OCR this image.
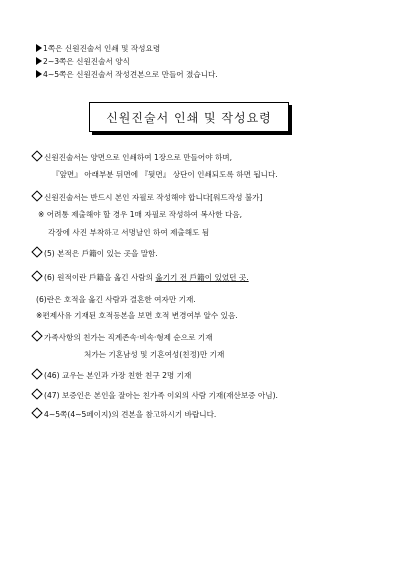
1쪽은 신원진술서 인쇄 및 작성요령
2~3쪽은 신원진술서 양식
4~5쪽은 신원진술서 작성견본으로 만들어 졌습니다.
신원진술서 인쇄 및 작성요령
신원진술서는 양면으로 인쇄하여 1장으로 만들어야 하며,
『앞면』 아래부분 뒤면에 『뒷면』 상단이 인쇄되도록 하면 됩니다.
신원진술서는 반드시 본인 자필로 작성해야 합니다[워드작성 불가]
※ 어려통 제출해야 할 경우 1매 자필로 작성하여 복사한 다음,
각장에 사진 부착하고 서명날인 하여 제출해도 됨
(5) 본적은 戶籍이 있는 곳을 말함.
(6) 원적이란 戶籍을 옮긴 사람의 옮기기 전 戶籍이 있었던 곳.
(6)란은 호적을 옮긴 사람과 결혼한 여자만 기재.
※편제사유 기재된 호적등본을 보면 호적 변경여부 알수 있음.
가족사항의 친가는 직계존속·비속·형제 순으로 기재
처가는 기혼남성 및 기혼여성(친정)만 기재
(46) 교우는 본인과 가장 친한 친구 2명 기재
(47) 보증인은 본인을 잘아는 친가족 이외의 사람 기재(재산보증 아님).
4~5쪽(4~5페이지)의 견본을 참고하시기 바랍니다.
